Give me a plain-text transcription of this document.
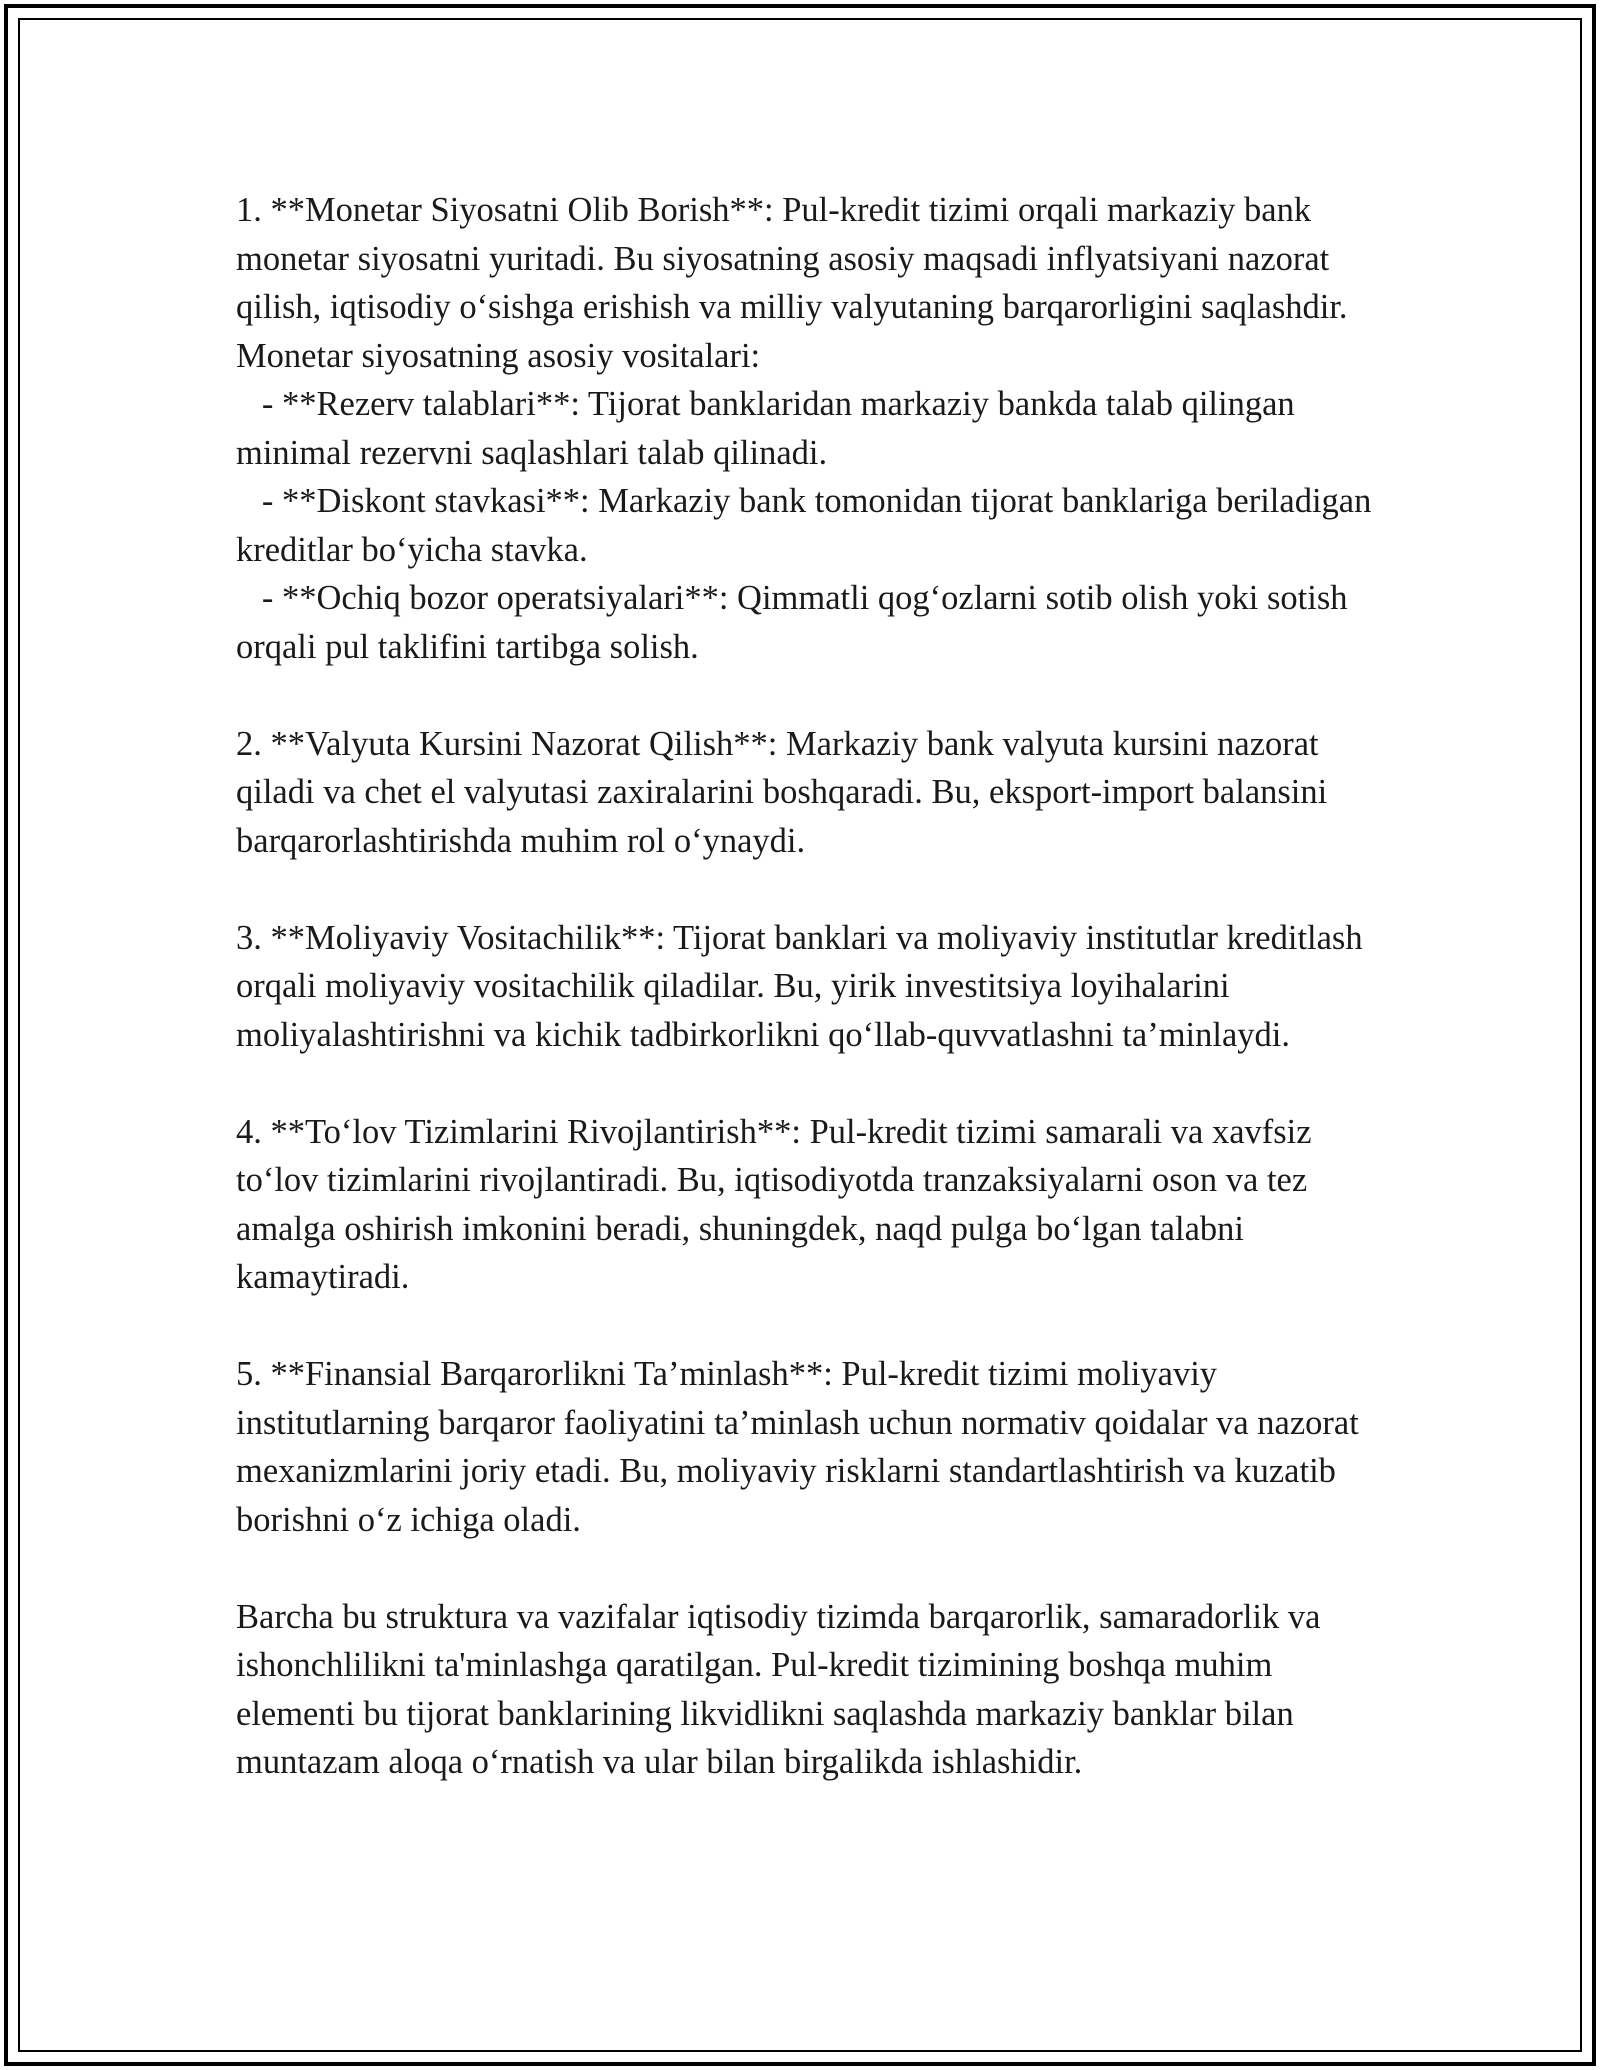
1. **Monetar Siyosatni Olib Borish**: Pul-kredit tizimi orqali markaziy bank monetar siyosatni yuritadi. Bu siyosatning asosiy maqsadi inflyatsiyani nazorat qilish, iqtisodiy o‘sishga erishish va milliy valyutaning barqarorligini saqlashdir. Monetar siyosatning asosiy vositalari:

- **Rezerv talablari**: Tijorat banklaridan markaziy bankda talab qilingan minimal rezervni saqlashlari talab qilinadi.

- **Diskont stavkasi**: Markaziy bank tomonidan tijorat banklariga beriladigan kreditlar bo‘yicha stavka.

- **Ochiq bozor operatsiyalari**: Qimmatli qog‘ozlarni sotib olish yoki sotish orqali pul taklifini tartibga solish.

2. **Valyuta Kursini Nazorat Qilish**: Markaziy bank valyuta kursini nazorat qiladi va chet el valyutasi zaxiralarini boshqaradi. Bu, eksport-import balansini barqarorlashtirishda muhim rol o‘ynaydi.

3. **Moliyaviy Vositachilik**: Tijorat banklari va moliyaviy institutlar kreditlash orqali moliyaviy vositachilik qiladilar. Bu, yirik investitsiya loyihalarini moliyalashtirishni va kichik tadbirkorlikni qo‘llab-quvvatlashni ta’minlaydi.

4. **To‘lov Tizimlarini Rivojlantirish**: Pul-kredit tizimi samarali va xavfsiz to‘lov tizimlarini rivojlantiradi. Bu, iqtisodiyotda tranzaksiyalarni oson va tez amalga oshirish imkonini beradi, shuningdek, naqd pulga bo‘lgan talabni kamaytiradi.

5. **Finansial Barqarorlikni Ta’minlash**: Pul-kredit tizimi moliyaviy institutlarning barqaror faoliyatini ta’minlash uchun normativ qoidalar va nazorat mexanizmlarini joriy etadi. Bu, moliyaviy risklarni standartlashtirish va kuzatib borishni o‘z ichiga oladi.

Barcha bu struktura va vazifalar iqtisodiy tizimda barqarorlik, samaradorlik va ishonchlilikni ta'minlashga qaratilgan. Pul-kredit tizimining boshqa muhim elementi bu tijorat banklarining likvidlikni saqlashda markaziy banklar bilan muntazam aloqa o‘rnatish va ular bilan birgalikda ishlashidir.
